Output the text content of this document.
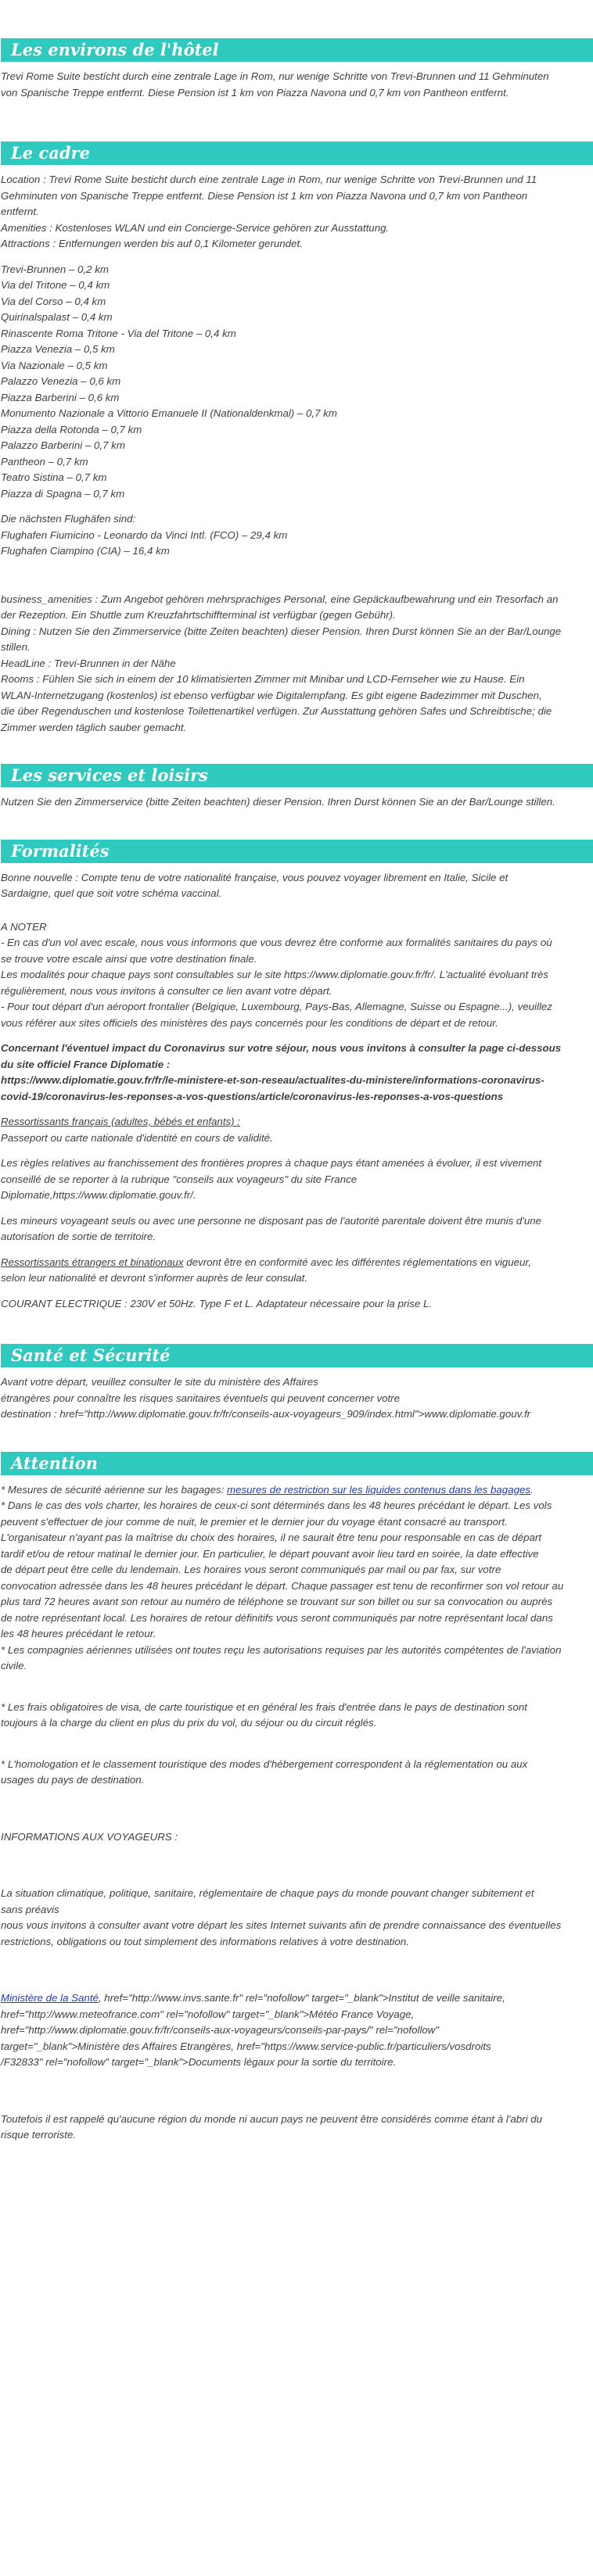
Les environs de l'hôtel
Trevi Rome Suite bestícht durch eine zentrale Lage in Rom, nur wenige Schritte von Trevi-Brunnen und 11 Gehminuten
von Spanische Treppe entfernt. Diese Pension ist 1 km von Piazza Navona und 0,7 km von Pantheon entfernt.
Le cadre
Location : Trevi Rome Suite besticht durch eine zentrale Lage in Rom, nur wenige Schritte von Trevi-Brunnen und 11
Gehminuten von Spanische Treppe entfernt. Diese Pension ist 1 km von Piazza Navona und 0,7 km von Pantheon
entfernt.
Amenities : Kostenloses WLAN und ein Concierge-Service gehören zur Ausstattung.
Attractions : Entfernungen werden bis auf 0,1 Kilometer gerundet.
Trevi-Brunnen – 0,2 km
Via del Tritone – 0,4 km
Via del Corso – 0,4 km
Quirinalspalast – 0,4 km
Rinascente Roma Tritone - Via del Tritone – 0,4 km
Piazza Venezia – 0,5 km
Via Nazionale – 0,5 km
Palazzo Venezia – 0,6 km
Piazza Barberini – 0,6 km
Monumento Nazionale a Vittorio Emanuele II (Nationaldenkmal) – 0,7 km
Piazza della Rotonda – 0,7 km
Palazzo Barberini – 0,7 km
Pantheon – 0,7 km
Teatro Sistina – 0,7 km
Piazza di Spagna – 0,7 km
Die nächsten Flughäfen sind:
Flughafen Fiumicino - Leonardo da Vinci Intl. (FCO) – 29,4 km
Flughafen Ciampino (CIA) – 16,4 km
business_amenities : Zum Angebot gehören mehrsprachiges Personal, eine Gepäckaufbewahrung und ein Tresorfach an
der Rezeption. Ein Shuttle zum Kreuzfahrtschiffterminal ist verfügbar (gegen Gebühr).
Dining : Nutzen Sie den Zimmerservice (bitte Zeiten beachten) dieser Pension. Ihren Durst können Sie an der Bar/Lounge
stillen.
HeadLine : Trevi-Brunnen in der Nähe
Rooms : Fühlen Sie sich in einem der 10 klimatisierten Zimmer mit Minibar und LCD-Fernseher wie zu Hause. Ein
WLAN-Internetzugang (kostenlos) ist ebenso verfügbar wie Digitalempfang. Es gibt eigene Badezimmer mit Duschen,
die über Regenduschen und kostenlose Toilettenartikel verfügen. Zur Ausstattung gehören Safes und Schreibtische; die
Zimmer werden täglich sauber gemacht.
Les services et loisirs
Nutzen Sie den Zimmerservice (bitte Zeiten beachten) dieser Pension. Ihren Durst können Sie an der Bar/Lounge stillen.
Formalités
Bonne nouvelle : Compte tenu de votre nationalité française, vous pouvez voyager librement en Italie, Sicile et
Sardaigne, quel que soit votre schéma vaccinal.
A NOTER
- En cas d'un vol avec escale, nous vous informons que vous devrez être conforme aux formalités sanitaires du pays où
se trouve votre escale ainsi que votre destination finale.
Les modalités pour chaque pays sont consultables sur le site https://www.diplomatie.gouv.fr/fr/. L'actualité évoluant très
régulièrement, nous vous invitons à consulter ce lien avant votre départ.
- Pour tout départ d'un aéroport frontalier (Belgique, Luxembourg, Pays-Bas, Allemagne, Suisse ou Espagne...), veuillez
vous référer aux sites officiels des ministères des pays concernés pour les conditions de départ et de retour.
Concernant l'éventuel impact du Coronavirus sur votre séjour, nous vous invitons à consulter la page ci-dessous
du site officiel France Diplomatie :
https://www.diplomatie.gouv.fr/fr/le-ministere-et-son-reseau/actualites-du-ministere/informations-coronavirus-
covid-19/coronavirus-les-reponses-a-vos-questions/article/coronavirus-les-reponses-a-vos-questions
Ressortissants français (adultes, bébés et enfants) :
Passeport ou carte nationale d'identité en cours de validité.
Les règles relatives au franchissement des frontières propres à chaque pays étant amenées à évoluer, il est vivement
conseillé de se reporter à la rubrique "conseils aux voyageurs" du site France
Diplomatie,https://www.diplomatie.gouv.fr/.
Les mineurs voyageant seuls ou avec une personne ne disposant pas de l'autorité parentale doivent être munis d'une
autorisation de sortie de territoire.
Ressortissants étrangers et binationaux devront être en conformité avec les différentes réglementations en vigueur,
selon leur nationalité et devront s'informer auprès de leur consulat.
COURANT ELECTRIQUE : 230V et 50Hz. Type F et L. Adaptateur nécessaire pour la prise L.
Santé et Sécurité
Avant votre départ, veuillez consulter le site du ministère des Affaires
étrangères pour connaître les risques sanitaires éventuels qui peuvent concerner votre
destination : href="http://www.diplomatie.gouv.fr/fr/conseils-aux-voyageurs_909/index.html">www.diplomatie.gouv.fr
Attention
* Mesures de sécurité aérienne sur les bagages: mesures de restriction sur les liquides contenus dans les bagages.
* Dans le cas des vols charter, les horaires de ceux-ci sont déterminés dans les 48 heures précédant le départ. Les vols
peuvent s'effectuer de jour comme de nuit, le premier et le dernier jour du voyage étant consacré au transport.
L'organisateur n'ayant pas la maîtrise du choix des horaires, il ne saurait être tenu pour responsable en cas de départ
tardif et/ou de retour matinal le dernier jour. En particulier, le départ pouvant avoir lieu tard en soirée, la date effective
de départ peut être celle du lendemain. Les horaires vous seront communiqués par mail ou par fax, sur votre
convocation adressée dans les 48 heures précédant le départ. Chaque passager est tenu de reconfirmer son vol retour au
plus tard 72 heures avant son retour au numéro de téléphone se trouvant sur son billet ou sur sa convocation ou auprès
de notre représentant local. Les horaires de retour définitifs vous seront communiqués par notre représentant local dans
les 48 heures précédant le retour.
* Les compagnies aériennes utilisées ont toutes reçu les autorisations requises par les autorités compétentes de l'aviation
civile.
* Les frais obligatoires de visa, de carte touristique et en général les frais d'entrée dans le pays de destination sont
toujours à la charge du client en plus du prix du vol, du séjour ou du circuit réglés.
* L'homologation et le classement touristique des modes d'hébergement correspondent à la réglementation ou aux
usages du pays de destination.
INFORMATIONS AUX VOYAGEURS :
La situation climatique, politique, sanitaire, réglementaire de chaque pays du monde pouvant changer subitement et
sans préavis
nous vous invitons à consulter avant votre départ les sites Internet suivants afin de prendre connaissance des éventuelles
restrictions, obligations ou tout simplement des informations relatives à votre destination.
Ministère de la Santé, href="http://www.invs.sante.fr" rel="nofollow" target="_blank">Institut de veille sanitaire,
href="http://www.meteofrance.com" rel="nofollow" target="_blank">Météo France Voyage,
href="http://www.diplomatie.gouv.fr/fr/conseils-aux-voyageurs/conseils-par-pays/" rel="nofollow"
target="_blank">Ministère des Affaires Etrangères, href="https://www.service-public.fr/particuliers/vosdroits
/F32833" rel="nofollow" target="_blank">Documents légaux pour la sortie du territoire.
Toutefois il est rappelé qu'aucune région du monde ni aucun pays ne peuvent être considérés comme étant à l'abri du
risque terroriste.
